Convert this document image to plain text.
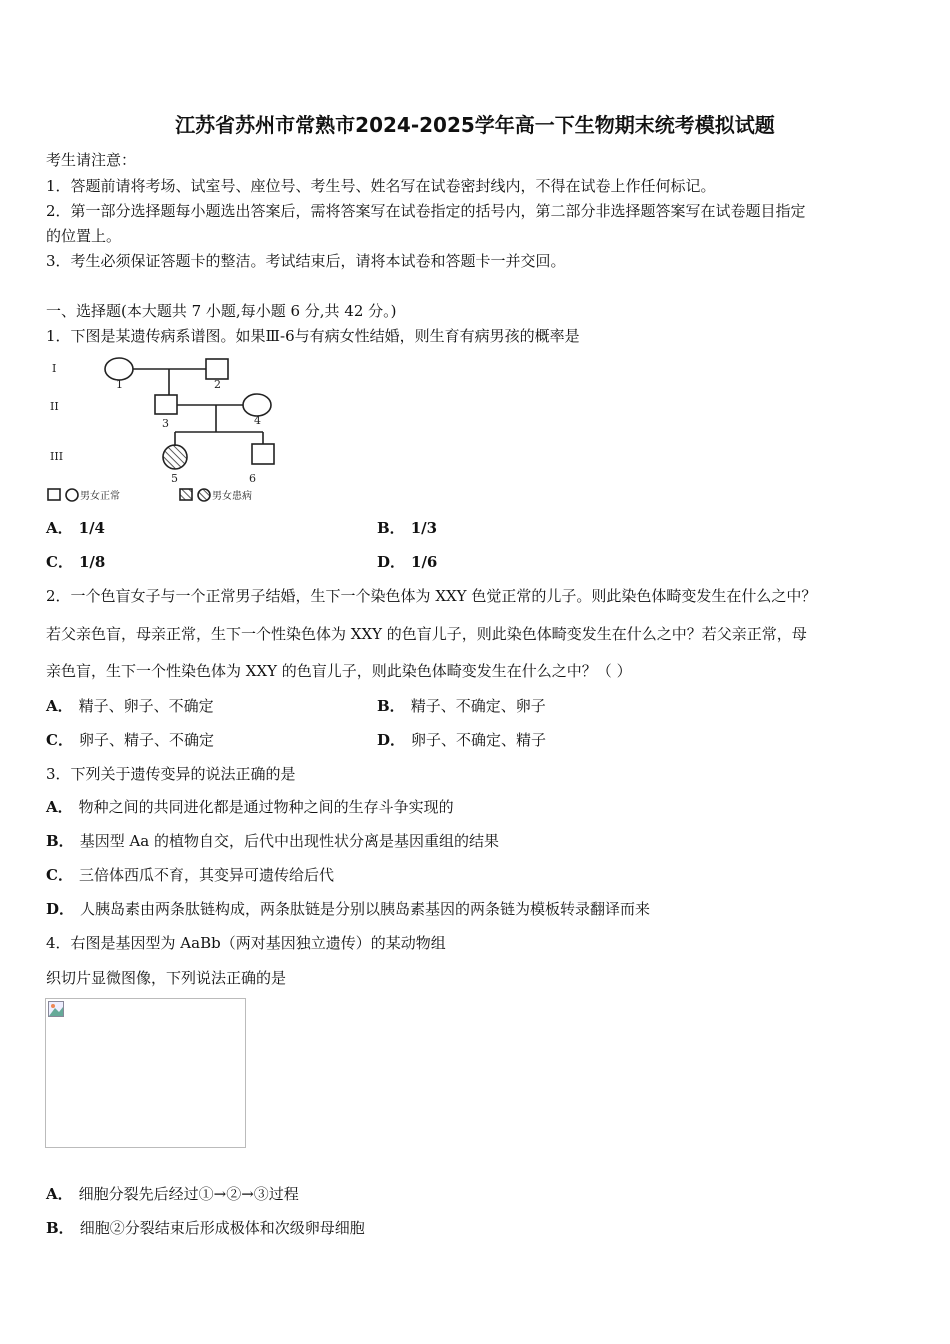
江苏省苏州市常熟市2024-2025学年高一下生物期末统考模拟试题
考生请注意：
1．答题前请将考场、试室号、座位号、考生号、姓名写在试卷密封线内，不得在试卷上作任何标记。
2．第一部分选择题每小题选出答案后，需将答案写在试卷指定的括号内，第二部分非选择题答案写在试卷题目指定
的位置上。
3．考生必须保证答题卡的整洁。考试结束后，请将本试卷和答题卡一并交回。
一、选择题(本大题共 7 小题,每小题 6 分,共 42 分。)
1．下图是某遗传病系谱图。如果Ⅲ-6与有病女性结婚，则生育有病男孩的概率是
I
II
III
1	2
3	4
5	6
男女正常	男女患病
A． 1/4	B． 1/3
C． 1/8	D． 1/6
2．一个色盲女子与一个正常男子结婚，生下一个染色体为 XXY 色觉正常的儿子。则此染色体畸变发生在什么之中？
若父亲色盲，母亲正常，生下一个性染色体为 XXY 的色盲儿子，则此染色体畸变发生在什么之中？若父亲正常，母
亲色盲，生下一个性染色体为 XXY 的色盲儿子，则此染色体畸变发生在什么之中？（ ）
A． 精子、卵子、不确定	B． 精子、不确定、卵子
C． 卵子、精子、不确定	D． 卵子、不确定、精子
3．下列关于遗传变异的说法正确的是
A． 物种之间的共同进化都是通过物种之间的生存斗争实现的
B． 基因型 Aa 的植物自交，后代中出现性状分离是基因重组的结果
C． 三倍体西瓜不育，其变异可遗传给后代
D． 人胰岛素由两条肽链构成，两条肽链是分别以胰岛素基因的两条链为模板转录翻译而来
4．右图是基因型为 AaBb（两对基因独立遗传）的某动物组
织切片显微图像，下列说法正确的是
A． 细胞分裂先后经过①→②→③过程
B． 细胞②分裂结束后形成极体和次级卵母细胞
